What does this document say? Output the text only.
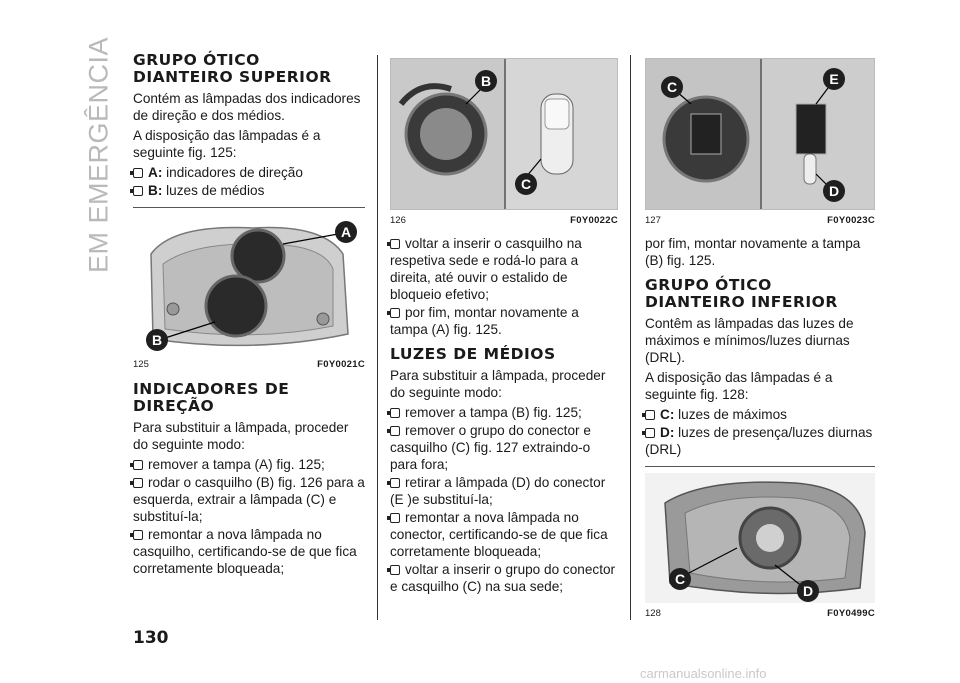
EM EMERGÊNCIA GRUPO ÓTICO DIANTEIRO SUPERIOR

Contém as lâmpadas dos indicadores de direção e dos médios.

A disposição das lâmpadas é a seguinte fig. 125:

A: indicadores de direção
B: luzes de médios
A
B
125	F0Y0021C
INDICADORES DE DIREÇÃO

Para substituir a lâmpada, proceder do seguinte modo:

remover a tampa (A) fig. 125;
rodar o casquilho (B) fig. 126 para a esquerda, extrair a lâmpada (C) e substituí-la;
remontar a nova lâmpada no casquilho, certificando-se de que fica corretamente bloqueada;
B
C
126	F0Y0022C
voltar a inserir o casquilho na respetiva sede e rodá-lo para a direita, até ouvir o estalido de bloqueio efetivo;
por fim, montar novamente a tampa (A) fig. 125.
LUZES DE MÉDIOS

Para substituir a lâmpada, proceder do seguinte modo:

remover a tampa (B) fig. 125;
remover o grupo do conector e casquilho (C) fig. 127 extraindo-o para fora;
retirar a lâmpada (D) do conector (E )e substituí-la;
remontar a nova lâmpada no conector, certificando-se de que fica corretamente bloqueada;
voltar a inserir o grupo do conector e casquilho (C) na sua sede;
C	E
D
127	F0Y0023C

por fim, montar novamente a tampa (B) fig. 125.

GRUPO ÓTICO DIANTEIRO INFERIOR

Contêm as lâmpadas das luzes de máximos e mínimos/luzes diurnas (DRL).

A disposição das lâmpadas é a seguinte fig. 128:

C: luzes de máximos
D: luzes de presença/luzes diurnas (DRL)
C
D
128	F0Y0499C
130
carmanualsonline.info
